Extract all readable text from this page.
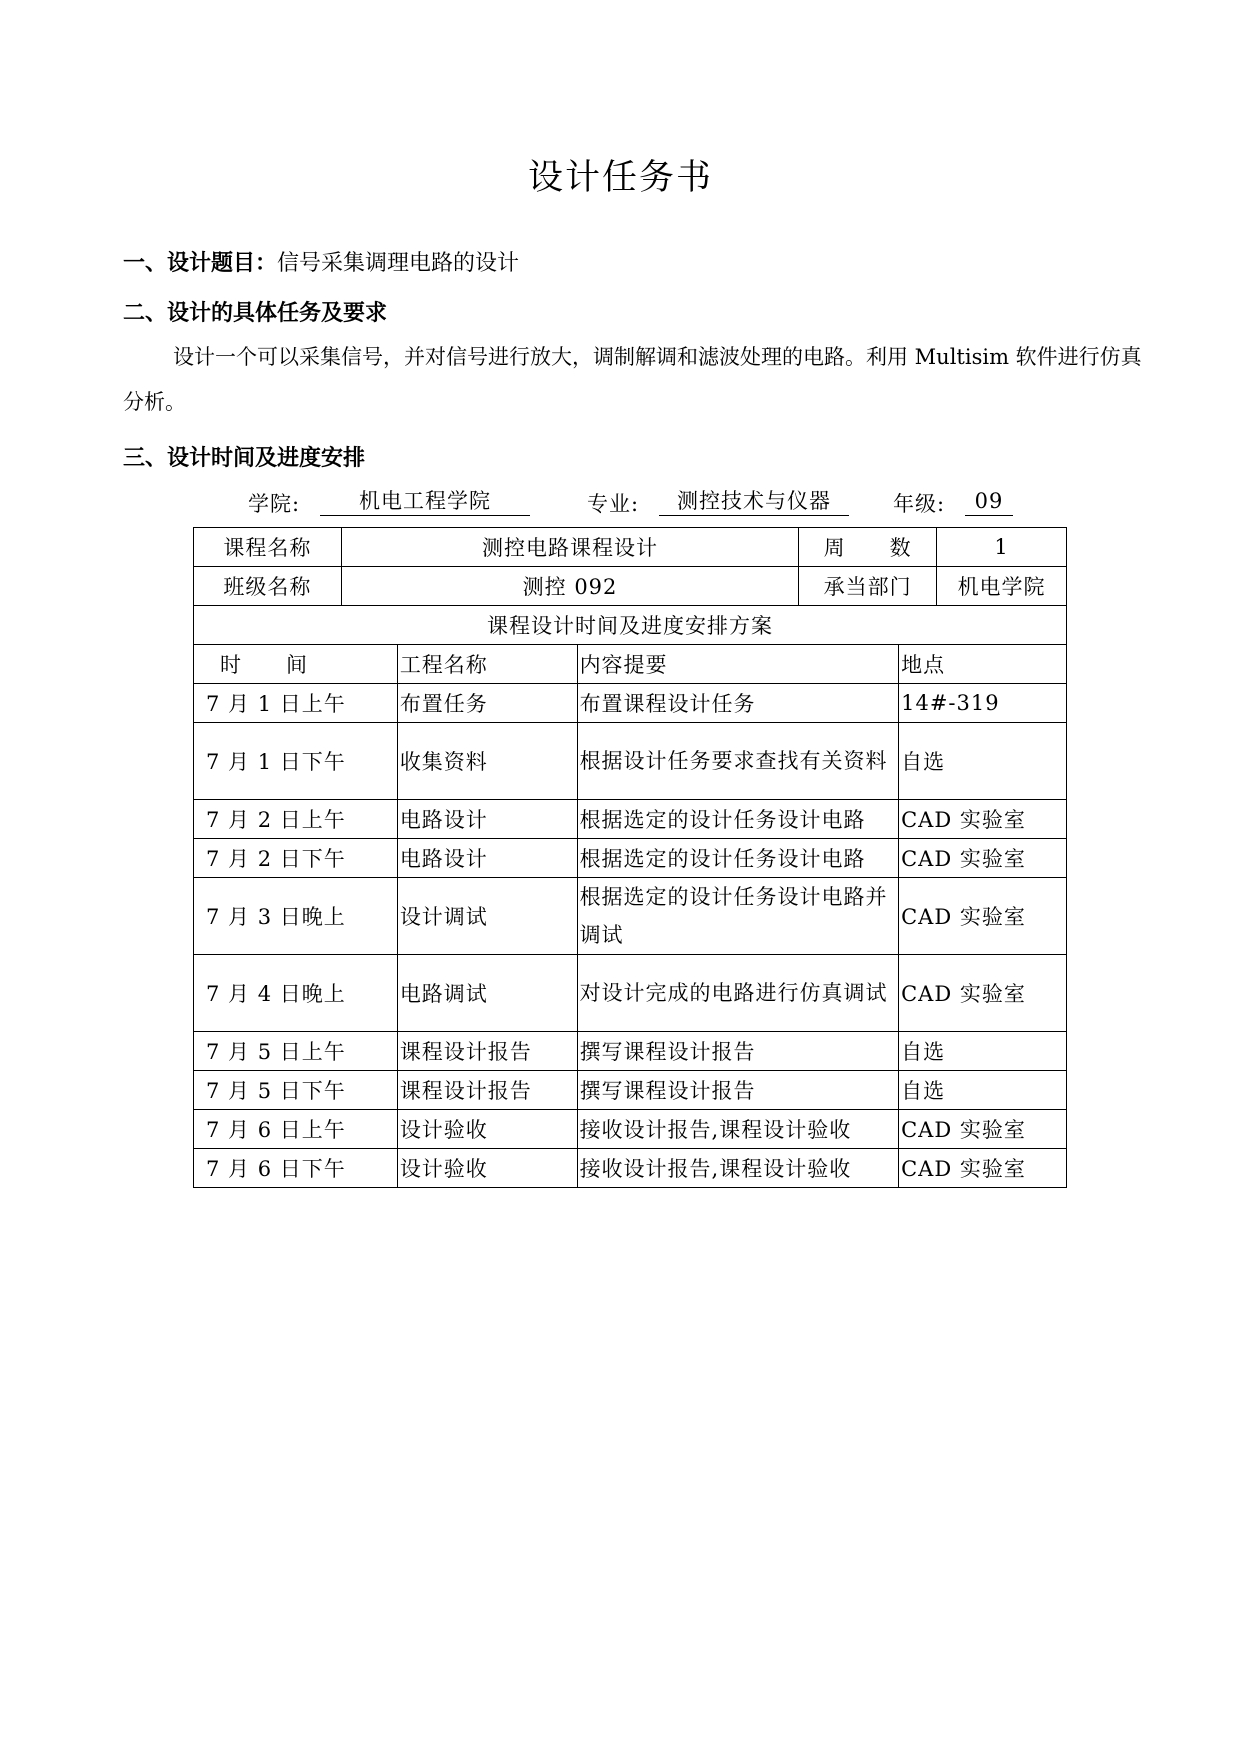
设计任务书
一、设计题目：信号采集调理电路的设计
二、设计的具体任务及要求
设计一个可以采集信号，并对信号进行放大，调制解调和滤波处理的电路。利用 Multisim 软件进行仿真分析。
三、设计时间及进度安排
学院:	机电工程学院	专业:	测控技术与仪器	年级:	09
课程名称	测控电路课程设计	周　　数	1
班级名称	测控 092	承当部门	机电学院
课程设计时间及进度安排方案			
时　　间	工程名称	内容提要	地点
7 月 1 日上午	布置任务	布置课程设计任务	14#-319
7 月 1 日下午	收集资料	根据设计任务要求查找有关资料	自选
7 月 2 日上午	电路设计	根据选定的设计任务设计电路	CAD 实验室
7 月 2 日下午	电路设计	根据选定的设计任务设计电路	CAD 实验室
7 月 3 日晚上	设计调试	根据选定的设计任务设计电路并调试	CAD 实验室
7 月 4 日晚上	电路调试	对设计完成的电路进行仿真调试	CAD 实验室
7 月 5 日上午	课程设计报告	撰写课程设计报告	自选
7 月 5 日下午	课程设计报告	撰写课程设计报告	自选
7 月 6 日上午	设计验收	接收设计报告,课程设计验收	CAD 实验室
7 月 6 日下午	设计验收	接收设计报告,课程设计验收	CAD 实验室
